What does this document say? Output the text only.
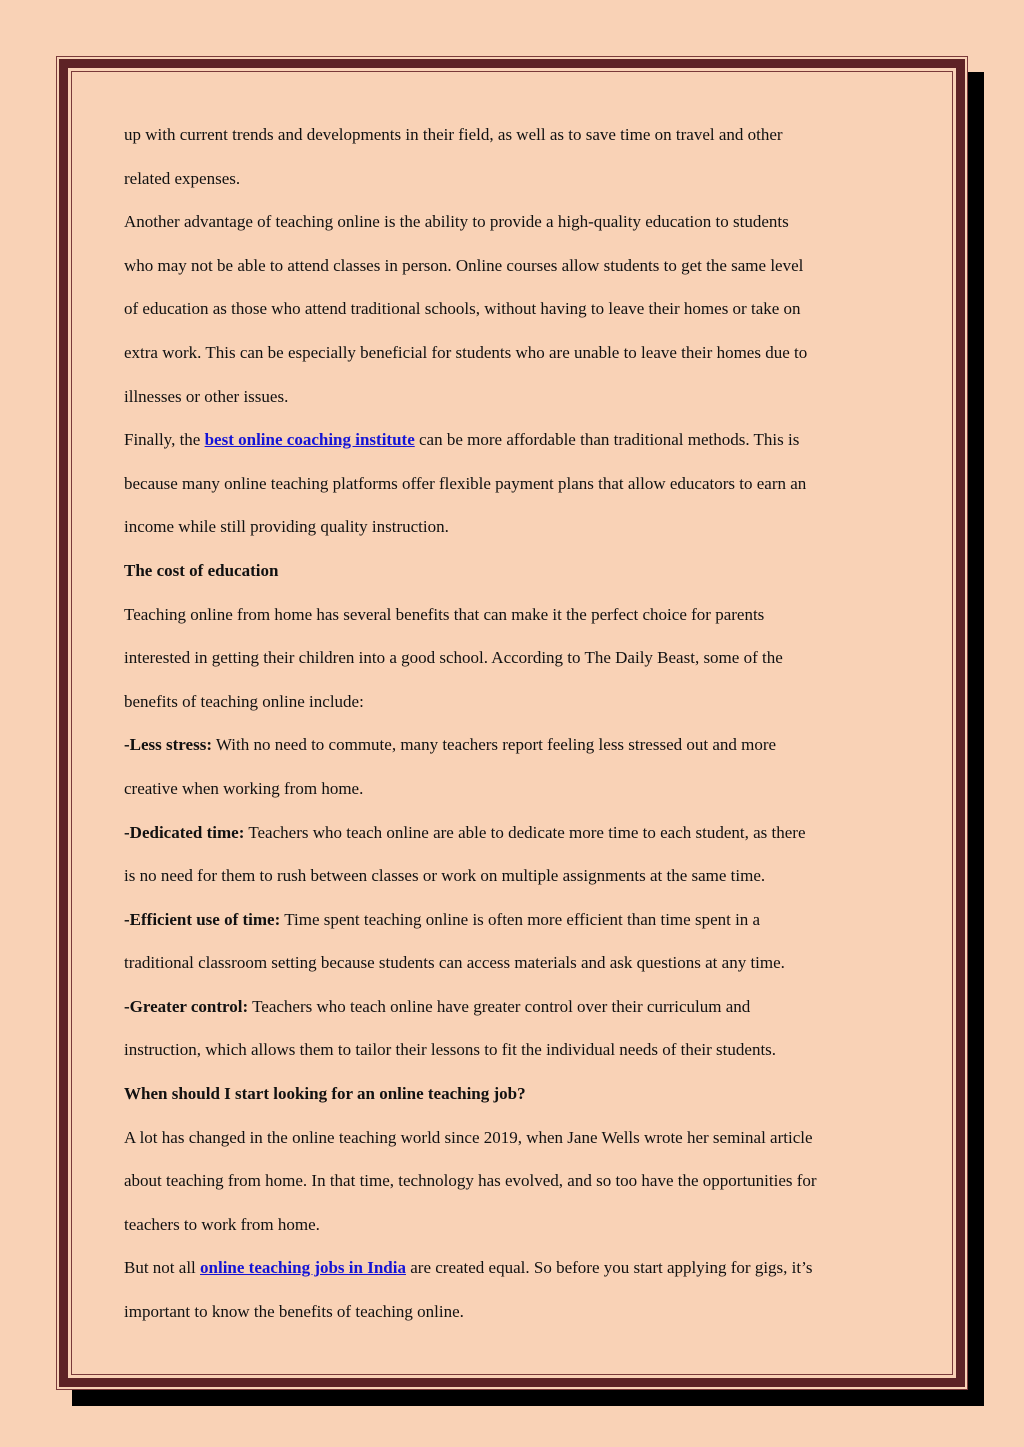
up with current trends and developments in their field, as well as to save time on travel and other
related expenses.
Another advantage of teaching online is the ability to provide a high-quality education to students
who may not be able to attend classes in person. Online courses allow students to get the same level
of education as those who attend traditional schools, without having to leave their homes or take on
extra work. This can be especially beneficial for students who are unable to leave their homes due to
illnesses or other issues.
Finally, the best online coaching institute can be more affordable than traditional methods. This is
because many online teaching platforms offer flexible payment plans that allow educators to earn an
income while still providing quality instruction.
The cost of education
Teaching online from home has several benefits that can make it the perfect choice for parents
interested in getting their children into a good school. According to The Daily Beast, some of the
benefits of teaching online include:
-Less stress: With no need to commute, many teachers report feeling less stressed out and more
creative when working from home.
-Dedicated time: Teachers who teach online are able to dedicate more time to each student, as there
is no need for them to rush between classes or work on multiple assignments at the same time.
-Efficient use of time: Time spent teaching online is often more efficient than time spent in a
traditional classroom setting because students can access materials and ask questions at any time.
-Greater control: Teachers who teach online have greater control over their curriculum and
instruction, which allows them to tailor their lessons to fit the individual needs of their students.
When should I start looking for an online teaching job?
A lot has changed in the online teaching world since 2019, when Jane Wells wrote her seminal article
about teaching from home. In that time, technology has evolved, and so too have the opportunities for
teachers to work from home.
But not all online teaching jobs in India are created equal. So before you start applying for gigs, it’s
important to know the benefits of teaching online.
